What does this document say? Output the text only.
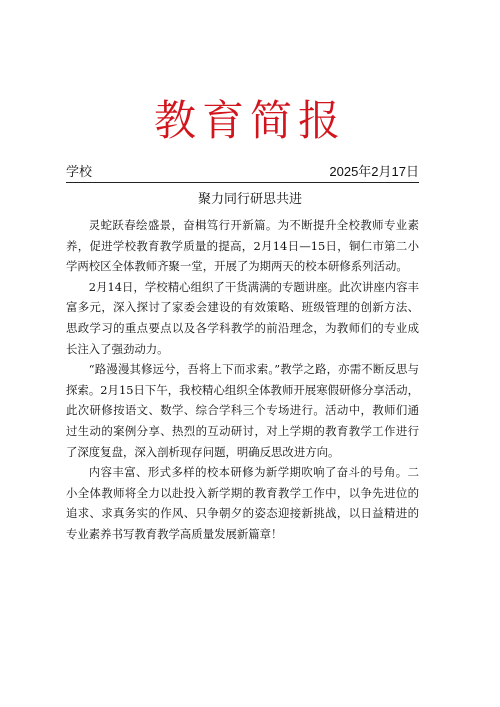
教育简报
学校	2025年2月17日
聚力同行研思共进

灵蛇跃春绘盛景，奋楫笃行开新篇。为不断提升全校教师专业素养，促进学校教育教学质量的提高，2月14日—15日，铜仁市第二小学两校区全体教师齐聚一堂，开展了为期两天的校本研修系列活动。

2月14日，学校精心组织了干货满满的专题讲座。此次讲座内容丰富多元，深入探讨了家委会建设的有效策略、班级管理的创新方法、思政学习的重点要点以及各学科教学的前沿理念，为教师们的专业成长注入了强劲动力。

“路漫漫其修远兮，吾将上下而求索。”教学之路，亦需不断反思与探索。2月15日下午，我校精心组织全体教师开展寒假研修分享活动，此次研修按语文、数学、综合学科三个专场进行。活动中，教师们通过生动的案例分享、热烈的互动研讨，对上学期的教育教学工作进行了深度复盘，深入剖析现存问题，明确反思改进方向。

内容丰富、形式多样的校本研修为新学期吹响了奋斗的号角。二小全体教师将全力以赴投入新学期的教育教学工作中，以争先进位的追求、求真务实的作风、只争朝夕的姿态迎接新挑战，以日益精进的专业素养书写教育教学高质量发展新篇章！
